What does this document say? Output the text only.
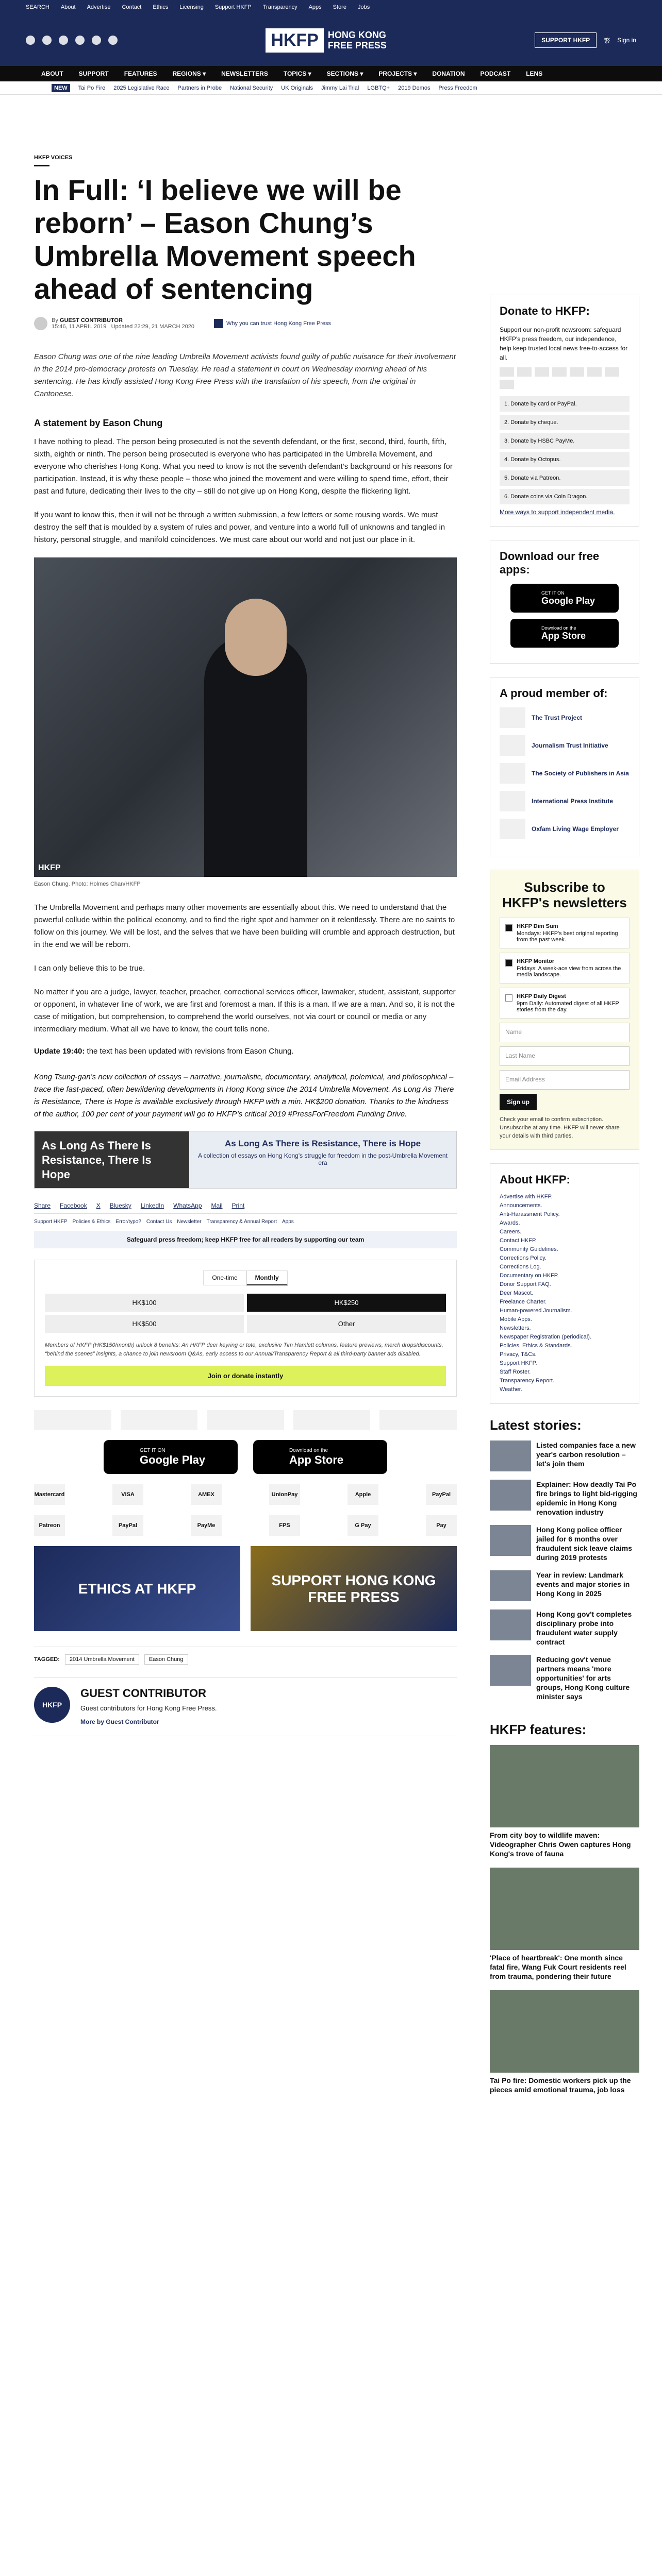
SEARCH About Advertise Contact Ethics Licensing Support HKFP Transparency Apps Store Jobs
HKFP	HONG KONG
FREE PRESS	SUPPORT HKFP	繁 Sign in
ABOUT	SUPPORT	FEATURES	REGIONS ▾	NEWSLETTERS	TOPICS ▾	SECTIONS ▾	PROJECTS ▾	DONATION	PODCAST	LENS
NEW	Tai Po Fire 2025 Legislative Race Partners in Probe National Security UK Originals Jimmy Lai Trial LGBTQ+ 2019 Demos Press Freedom
HKFP VOICES
In Full: ‘I believe we will be reborn’ – Eason Chung’s Umbrella Movement speech ahead of sentencing
By GUEST CONTRIBUTOR
15:46, 11 APRIL 2019 Updated 22:29, 21 MARCH 2020	Why you can trust Hong Kong Free Press

Eason Chung was one of the nine leading Umbrella Movement activists found guilty of public nuisance for their involvement in the 2014 pro-democracy protests on Tuesday. He read a statement in court on Wednesday morning ahead of his sentencing. He has kindly assisted Hong Kong Free Press with the translation of his speech, from the original in Cantonese.

A statement by Eason Chung

I have nothing to plead. The person being prosecuted is not the seventh defendant, or the first, second, third, fourth, fifth, sixth, eighth or ninth. The person being prosecuted is everyone who has participated in the Umbrella Movement, and everyone who cherishes Hong Kong. What you need to know is not the seventh defendant’s background or his reasons for participation. Instead, it is why these people – those who joined the movement and were willing to spend time, effort, their past and future, dedicating their lives to the city – still do not give up on Hong Kong, despite the flickering light.

If you want to know this, then it will not be through a written submission, a few letters or some rousing words. We must destroy the self that is moulded by a system of rules and power, and venture into a world full of unknowns and tangled in history, personal struggle, and manifold coincidences. We must care about our world and not just our place in it.

HKFP
Eason Chung. Photo: Holmes Chan/HKFP

The Umbrella Movement and perhaps many other movements are essentially about this. We need to understand that the powerful collude within the political economy, and to find the right spot and hammer on it relentlessly. There are no saints to follow on this journey. We will be lost, and the selves that we have been building will crumble and approach destruction, but in the end we will be reborn.

I can only believe this to be true.

No matter if you are a judge, lawyer, teacher, preacher, correctional services officer, lawmaker, student, assistant, supporter or opponent, in whatever line of work, we are first and foremost a man. If this is a man. If we are a man. And so, it is not the case of mitigation, but comprehension, to comprehend the world ourselves, not via court or council or media or any intermediary medium. What all we have to know, the court tells none.

Update 19:40: the text has been updated with revisions from Eason Chung.

Kong Tsung-gan’s new collection of essays – narrative, journalistic, documentary, analytical, polemical, and philosophical – trace the fast-paced, often bewildering developments in Hong Kong since the 2014 Umbrella Movement. As Long As There is Resistance, There is Hope is available exclusively through HKFP with a min. HK$200 donation. Thanks to the kindness of the author, 100 per cent of your payment will go to HKFP’s critical 2019 #PressForFreedom Funding Drive.

As Long As There Is Resistance, There Is Hope
As Long As There is Resistance, There is Hope
A collection of essays on Hong Kong's struggle for freedom in the post-Umbrella Movement era
Share Facebook X Bluesky LinkedIn WhatsApp Mail Print
Support HKFP Policies & Ethics Error/typo? Contact Us Newsletter Transparency & Annual Report Apps
Safeguard press freedom; keep HKFP free for all readers by supporting our team
One-time	Monthly
HK$100	HK$250
HK$500	Other

Members of HKFP (HK$150/month) unlock 8 benefits: An HKFP deer keyring or tote, exclusive Tim Hamlett columns, feature previews, merch drops/discounts, “behind the scenes” insights, a chance to join newsroom Q&As, early access to our Annual/Transparency Report & all third-party banner ads disabled.

Join or donate instantly
GET IT ON
Google Play
Download on the
App Store
Mastercard	VISA	AMEX	UnionPay	Apple	PayPal
Patreon	PayPal	PayMe	FPS	G Pay	Pay
ETHICS AT HKFP
SUPPORT HONG KONG FREE PRESS
TAGGED:	2014 Umbrella Movement	Eason Chung
HKFP
GUEST CONTRIBUTOR

Guest contributors for Hong Kong Free Press.

More by Guest Contributor
Donate to HKFP:

Support our non-profit newsroom: safeguard HKFP's press freedom, our independence, help keep trusted local news free-to-access for all.

1. Donate by card or PayPal.
2. Donate by cheque.
3. Donate by HSBC PayMe.
4. Donate by Octopus.
5. Donate via Patreon.
6. Donate coins via Coin Dragon.
More ways to support independent media.
Download our free apps:
GET IT ON
Google Play
Download on the
App Store
A proud member of:
The Trust Project
Journalism Trust Initiative
The Society of Publishers in Asia
International Press Institute
Oxfam Living Wage Employer
Subscribe to HKFP's newsletters
HKFP Dim Sum
Mondays: HKFP's best original reporting from the past week.
HKFP Monitor
Fridays: A week-ace view from across the media landscape.
HKFP Daily Digest
9pm Daily: Automated digest of all HKFP stories from the day.
Name
Last Name
Email Address
Sign up

Check your email to confirm subscription. Unsubscribe at any time. HKFP will never share your details with third parties.

About HKFP:
Advertise with HKFP.
Announcements.
Anti-Harassment Policy.
Awards.
Careers.
Contact HKFP.
Community Guidelines.
Corrections Policy.
Corrections Log.
Documentary on HKFP.
Donor Support FAQ.
Deer Mascot.
Freelance Charter.
Human-powered Journalism.
Mobile Apps.
Newsletters.
Newspaper Registration (periodical).
Policies, Ethics & Standards.
Privacy, T&Cs.
Support HKFP.
Staff Roster.
Transparency Report.
Weather.
Latest stories:
Listed companies face a new year's carbon resolution – let's join them
Explainer: How deadly Tai Po fire brings to light bid-rigging epidemic in Hong Kong renovation industry
Hong Kong police officer jailed for 6 months over fraudulent sick leave claims during 2019 protests
Year in review: Landmark events and major stories in Hong Kong in 2025
Hong Kong gov't completes disciplinary probe into fraudulent water supply contract
Reducing gov't venue partners means 'more opportunities' for arts groups, Hong Kong culture minister says
HKFP features:
From city boy to wildlife maven: Videographer Chris Owen captures Hong Kong's trove of fauna
'Place of heartbreak': One month since fatal fire, Wang Fuk Court residents reel from trauma, pondering their future
Tai Po fire: Domestic workers pick up the pieces amid emotional trauma, job loss
